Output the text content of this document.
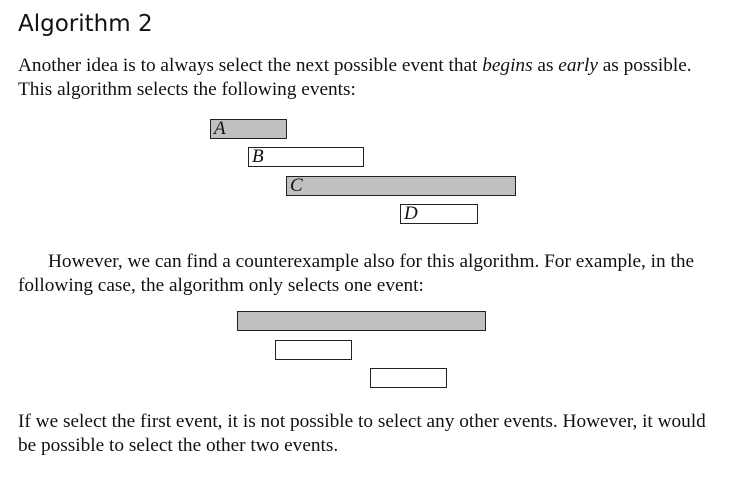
Algorithm 2

Another idea is to always select the next possible event that begins as early as possible. This algorithm selects the following events:

A
B
C
D

However, we can find a counterexample also for this algorithm. For example, in the following case, the algorithm only selects one event:

If we select the first event, it is not possible to select any other events. However, it would be possible to select the other two events.
